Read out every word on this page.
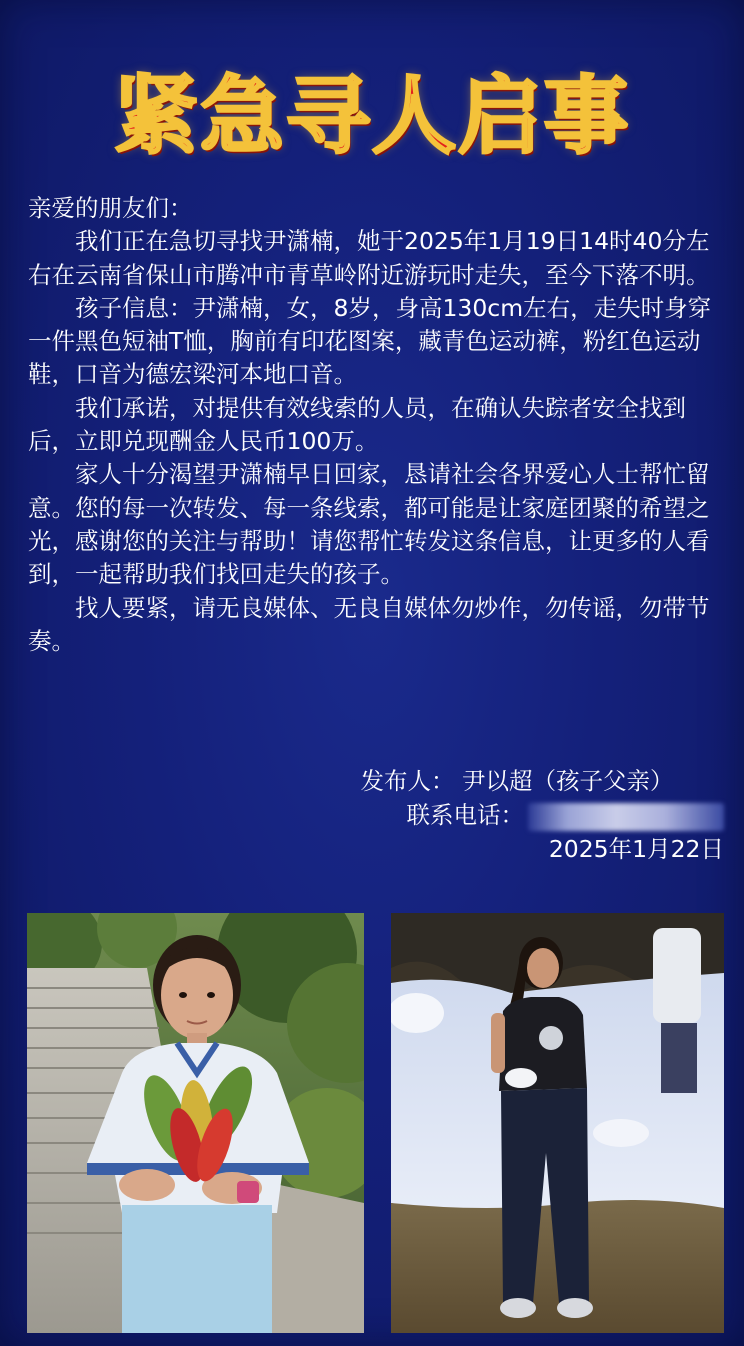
紧急寻人启事

亲爱的朋友们：

我们正在急切寻找尹潇楠，她于2025年1月19日14时40分左右在云南省保山市腾冲市青草岭附近游玩时走失，至今下落不明。

孩子信息：尹潇楠，女，8岁，身高130cm左右，走失时身穿一件黑色短袖T恤，胸前有印花图案，藏青色运动裤，粉红色运动鞋，口音为德宏梁河本地口音。

我们承诺，对提供有效线索的人员，在确认失踪者安全找到后，立即兑现酬金人民币100万。

家人十分渴望尹潇楠早日回家，恳请社会各界爱心人士帮忙留意。您的每一次转发、每一条线索，都可能是让家庭团聚的希望之光，感谢您的关注与帮助！请您帮忙转发这条信息，让更多的人看到，一起帮助我们找回走失的孩子。

找人要紧，请无良媒体、无良自媒体勿炒作，勿传谣，勿带节奏。

发布人： 尹以超（孩子父亲）
联系电话：
2025年1月22日
